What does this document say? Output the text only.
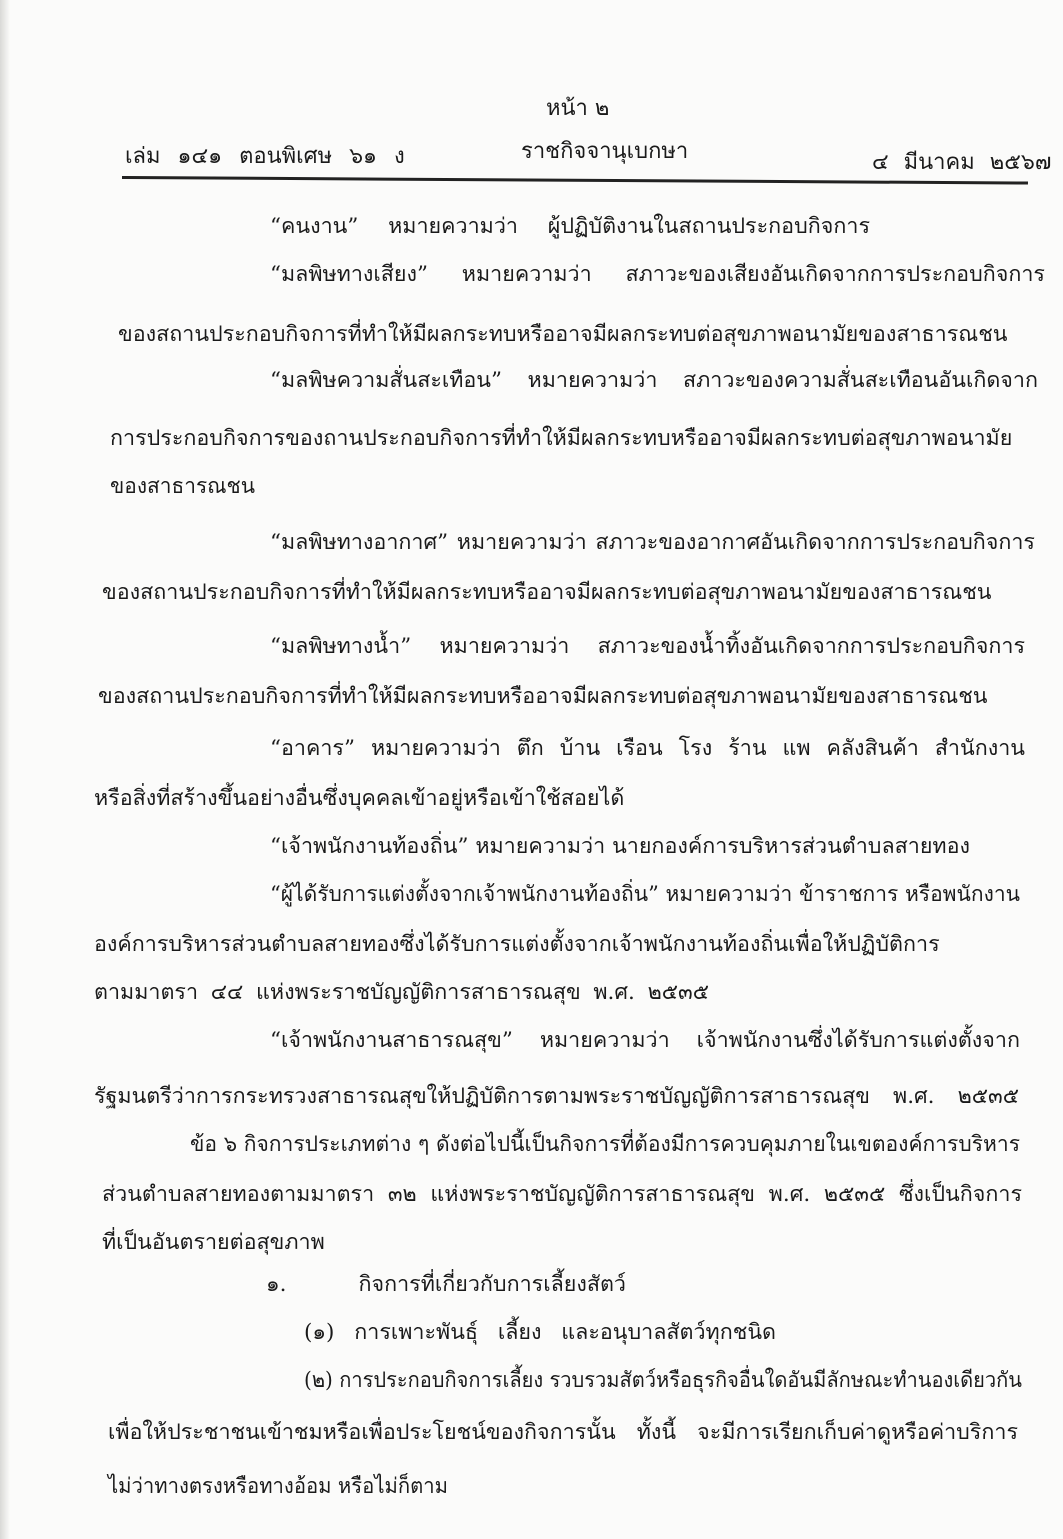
หน้า ๒
เล่ม ๑๔๑ ตอนพิเศษ ๖๑ ง	ราชกิจจานุเบกษา	๔ มีนาคม ๒๕๖๗
“คนงาน” หมายความว่า ผู้ปฏิบัติงานในสถานประกอบกิจการ
“มลพิษทางเสียง” หมายความว่า สภาวะของเสียงอันเกิดจากการประกอบกิจการ
ของสถานประกอบกิจการที่ทำให้มีผลกระทบหรืออาจมีผลกระทบต่อสุขภาพอนามัยของสาธารณชน
“มลพิษความสั่นสะเทือน” หมายความว่า สภาวะของความสั่นสะเทือนอันเกิดจาก
การประกอบกิจการของถานประกอบกิจการที่ทำให้มีผลกระทบหรืออาจมีผลกระทบต่อสุขภาพอนามัย
ของสาธารณชน
“มลพิษทางอากาศ” หมายความว่า สภาวะของอากาศอันเกิดจากการประกอบกิจการ
ของสถานประกอบกิจการที่ทำให้มีผลกระทบหรืออาจมีผลกระทบต่อสุขภาพอนามัยของสาธารณชน
“มลพิษทางน้ำ” หมายความว่า สภาวะของน้ำทิ้งอันเกิดจากการประกอบกิจการ
ของสถานประกอบกิจการที่ทำให้มีผลกระทบหรืออาจมีผลกระทบต่อสุขภาพอนามัยของสาธารณชน
“อาคาร” หมายความว่า ตึก บ้าน เรือน โรง ร้าน แพ คลังสินค้า สำนักงาน
หรือสิ่งที่สร้างขึ้นอย่างอื่นซึ่งบุคคลเข้าอยู่หรือเข้าใช้สอยได้
“เจ้าพนักงานท้องถิ่น” หมายความว่า นายกองค์การบริหารส่วนตำบลสายทอง
“ผู้ได้รับการแต่งตั้งจากเจ้าพนักงานท้องถิ่น” หมายความว่า ข้าราชการ หรือพนักงาน
องค์การบริหารส่วนตำบลสายทองซึ่งได้รับการแต่งตั้งจากเจ้าพนักงานท้องถิ่นเพื่อให้ปฏิบัติการ
ตามมาตรา ๔๔ แห่งพระราชบัญญัติการสาธารณสุข พ.ศ. ๒๕๓๕
“เจ้าพนักงานสาธารณสุข” หมายความว่า เจ้าพนักงานซึ่งได้รับการแต่งตั้งจาก
รัฐมนตรีว่าการกระทรวงสาธารณสุขให้ปฏิบัติการตามพระราชบัญญัติการสาธารณสุข พ.ศ. ๒๕๓๕
ข้อ ๖ กิจการประเภทต่าง ๆ ดังต่อไปนี้เป็นกิจการที่ต้องมีการควบคุมภายในเขตองค์การบริหาร
ส่วนตำบลสายทองตามมาตรา ๓๒ แห่งพระราชบัญญัติการสาธารณสุข พ.ศ. ๒๕๓๕ ซึ่งเป็นกิจการ
ที่เป็นอันตรายต่อสุขภาพ
๑. กิจการที่เกี่ยวกับการเลี้ยงสัตว์
(๑) การเพาะพันธุ์ เลี้ยง และอนุบาลสัตว์ทุกชนิด
(๒) การประกอบกิจการเลี้ยง รวบรวมสัตว์หรือธุรกิจอื่นใดอันมีลักษณะทำนองเดียวกัน
เพื่อให้ประชาชนเข้าชมหรือเพื่อประโยชน์ของกิจการนั้น ทั้งนี้ จะมีการเรียกเก็บค่าดูหรือค่าบริการ
ไม่ว่าทางตรงหรือทางอ้อม หรือไม่ก็ตาม
